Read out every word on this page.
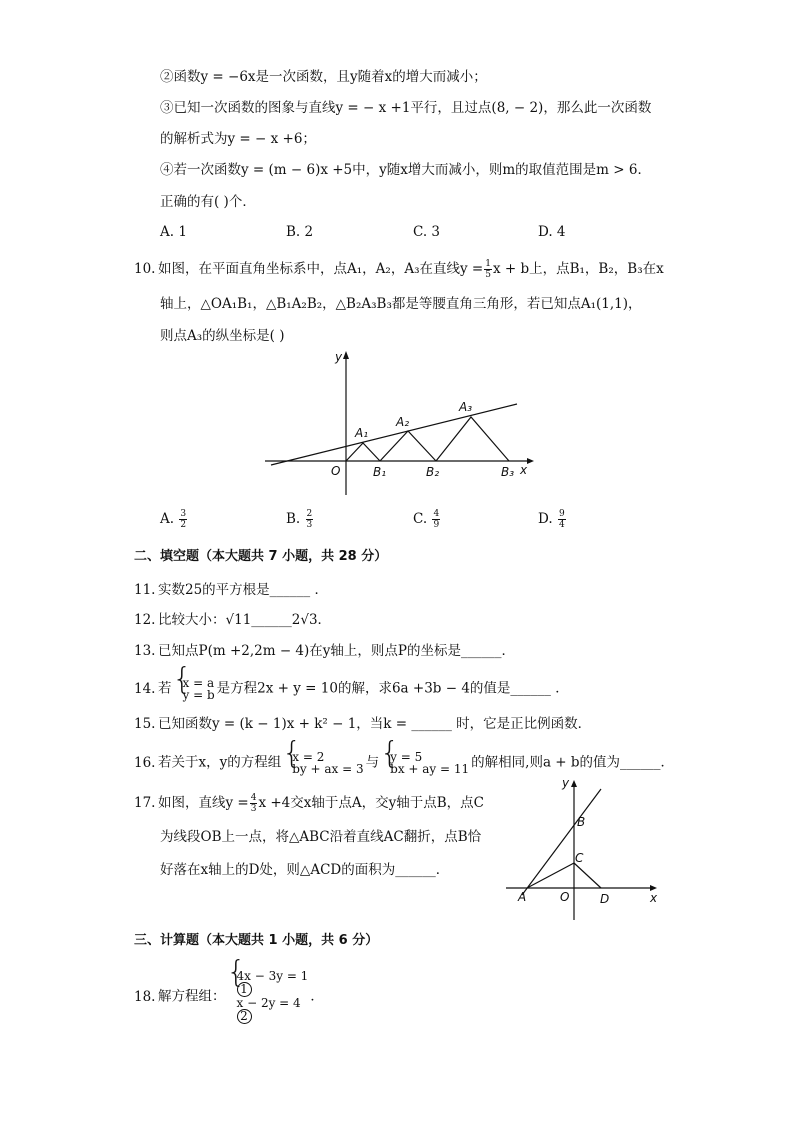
②函数y = −6x是一次函数，且y随着x的增大而减小；
③已知一次函数的图象与直线y = − x +1平行，且过点(8, − 2)，那么此一次函数
的解析式为y = − x +6；
④若一次函数y = (m − 6)x +5中，y随x增大而减小，则m的取值范围是m > 6．
正确的有( )个．
A. 1	B. 2	C. 3	D. 4
10. 如图，在平面直角坐标系中，点A₁，A₂，A₃在直线$y = \frac{1}{5}$ x + b上，点B₁，B₂，B₃在x
轴上，△OA₁B₁，△B₁A₂B₂，△B₂A₃B₃都是等腰直角三角形，若已知点A₁(1,1)，
则点A₃的纵坐标是( )
y
x
O
A₁
A₂
A₃
B₁	B₂	B₃
A. $\frac{3}{2}$	B. $\frac{2}{3}$	C. $\frac{4}{9}$	D. $\frac{9}{4}$
二、填空题（本大题共 7 小题，共 28 分）
11. 实数25的平方根是______ ．
12. 比较大小：√11______2√3．
13. 已知点P(m +2,2m − 4)在y轴上，则点P的坐标是______．
14. 若 { x = a
y = b 是方程2x + y = 10的解，求6a +3b − 4的值是______ ．
15. 已知函数y = (k − 1)x + k² − 1，当k = ______ 时，它是正比例函数．
16. 若关于x，y的方程组 { x = 2
by + ax = 3 与 { y = 5
bx + ay = 11 的解相同,则a + b的值为______．
17. 如图，直线$y = \frac{4}{3}$ x +4交x轴于点A，交y轴于点B，点C
为线段OB上一点，将△ABC沿着直线AC翻折，点B恰
好落在x轴上的D处，则△ACD的面积为______．
y
x
O
A
B
C
D
三、计算题（本大题共 1 小题，共 6 分）
18. 解方程组：
{ 4x − 3y = 1
1
x − 2y = 4
2
．
